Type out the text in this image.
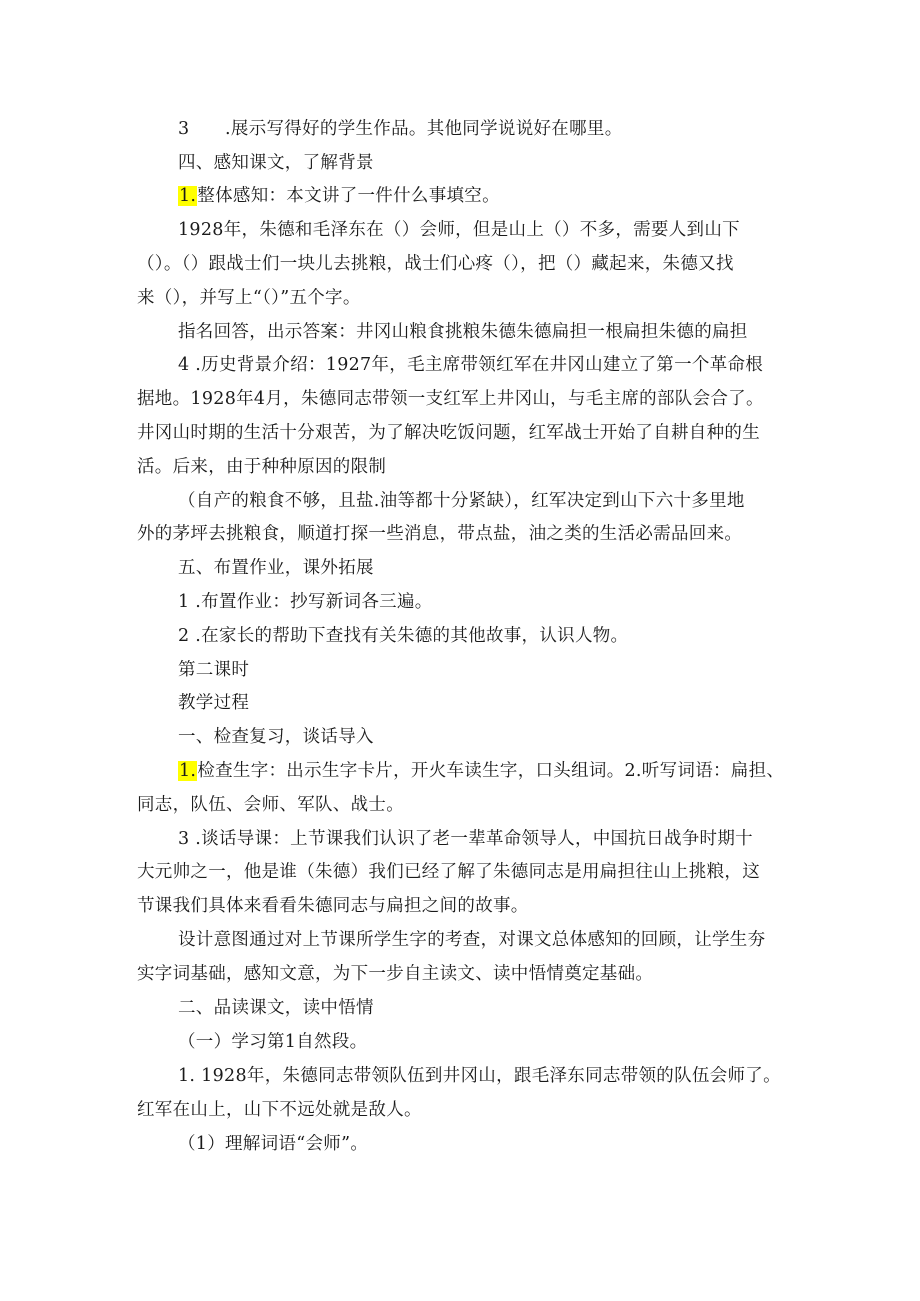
3　　.展示写得好的学生作品。其他同学说说好在哪里。
四、感知课文，了解背景
1.整体感知：本文讲了一件什么事填空。
1928年，朱德和毛泽东在（）会师，但是山上（）不多，需要人到山下
（）。（）跟战士们一块儿去挑粮，战士们心疼（），把（）藏起来，朱德又找
来（），并写上“（）”五个字。
指名回答，出示答案：井冈山粮食挑粮朱德朱德扁担一根扁担朱德的扁担
4 .历史背景介绍：1927年，毛主席带领红军在井冈山建立了第一个革命根
据地。1928年4月，朱德同志带领一支红军上井冈山，与毛主席的部队会合了。
井冈山时期的生活十分艰苦，为了解决吃饭问题，红军战士开始了自耕自种的生
活。后来，由于种种原因的限制
（自产的粮食不够，且盐.油等都十分紧缺），红军决定到山下六十多里地
外的茅坪去挑粮食，顺道打探一些消息，带点盐，油之类的生活必需品回来。
五、布置作业，课外拓展
1 .布置作业：抄写新词各三遍。
2 .在家长的帮助下查找有关朱德的其他故事，认识人物。
第二课时
教学过程
一、检查复习，谈话导入
1.检查生字：出示生字卡片，开火车读生字，口头组词。2.听写词语：扁担、
同志，队伍、会师、军队、战士。
3 .谈话导课：上节课我们认识了老一辈革命领导人，中国抗日战争时期十
大元帅之一，他是谁（朱德）我们已经了解了朱德同志是用扁担往山上挑粮，这
节课我们具体来看看朱德同志与扁担之间的故事。
设计意图通过对上节课所学生字的考查，对课文总体感知的回顾，让学生夯
实字词基础，感知文意，为下一步自主读文、读中悟情奠定基础。
二、品读课文，读中悟情
（一）学习第1自然段。
1. 1928年，朱德同志带领队伍到井冈山，跟毛泽东同志带领的队伍会师了。
红军在山上，山下不远处就是敌人。
（1）理解词语“会师”。
